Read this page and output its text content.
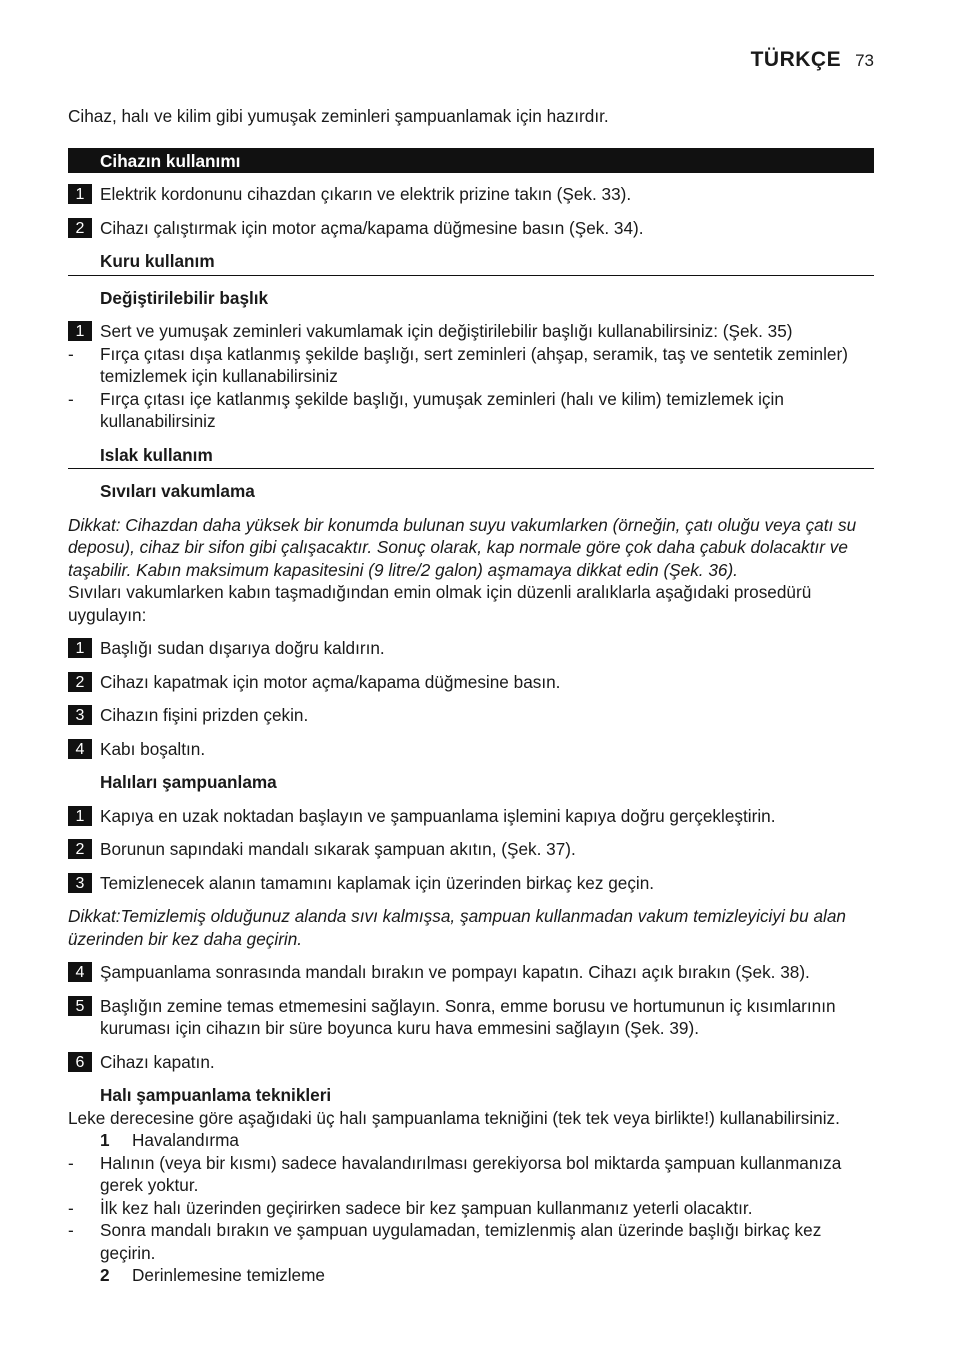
TÜRKÇE 73

Cihaz, halı ve kilim gibi yumuşak zeminleri şampuanlamak için hazırdır.

Cihazın kullanımı
1 Elektrik kordonunu cihazdan çıkarın ve elektrik prizine takın (Şek. 33).
2 Cihazı çalıştırmak için motor açma/kapama düğmesine basın (Şek. 34).
Kuru kullanım
Değiştirilebilir başlık
1 Sert ve yumuşak zeminleri vakumlamak için değiştirilebilir başlığı kullanabilirsiniz: (Şek. 35)
-	Fırça çıtası dışa katlanmış şekilde başlığı, sert zeminleri (ahşap, seramik, taş ve sentetik zeminler) temizlemek için kullanabilirsiniz
-	Fırça çıtası içe katlanmış şekilde başlığı, yumuşak zeminleri (halı ve kilim) temizlemek için kullanabilirsiniz
Islak kullanım
Sıvıları vakumlama

Dikkat: Cihazdan daha yüksek bir konumda bulunan suyu vakumlarken (örneğin, çatı oluğu veya çatı su deposu), cihaz bir sifon gibi çalışacaktır. Sonuç olarak, kap normale göre çok daha çabuk dolacaktır ve taşabilir. Kabın maksimum kapasitesini (9 litre/2 galon) aşmamaya dikkat edin (Şek. 36).

Sıvıları vakumlarken kabın taşmadığından emin olmak için düzenli aralıklarla aşağıdaki prosedürü uygulayın:

1 Başlığı sudan dışarıya doğru kaldırın.
2 Cihazı kapatmak için motor açma/kapama düğmesine basın.
3 Cihazın fişini prizden çekin.
4 Kabı boşaltın.
Halıları şampuanlama
1 Kapıya en uzak noktadan başlayın ve şampuanlama işlemini kapıya doğru gerçekleştirin.
2 Borunun sapındaki mandalı sıkarak şampuan akıtın, (Şek. 37).
3 Temizlenecek alanın tamamını kaplamak için üzerinden birkaç kez geçin.

Dikkat:Temizlemiş olduğunuz alanda sıvı kalmışsa, şampuan kullanmadan vakum temizleyiciyi bu alan üzerinden bir kez daha geçirin.

4 Şampuanlama sonrasında mandalı bırakın ve pompayı kapatın. Cihazı açık bırakın (Şek. 38).
5 Başlığın zemine temas etmemesini sağlayın. Sonra, emme borusu ve hortumunun iç kısımlarının kuruması için cihazın bir süre boyunca kuru hava emmesini sağlayın (Şek. 39).
6 Cihazı kapatın.
Halı şampuanlama teknikleri

Leke derecesine göre aşağıdaki üç halı şampuanlama tekniğini (tek tek veya birlikte!) kullanabilirsiniz.

1	Havalandırma
-	Halının (veya bir kısmı) sadece havalandırılması gerekiyorsa bol miktarda şampuan kullanmanıza gerek yoktur.
-	İlk kez halı üzerinden geçirirken sadece bir kez şampuan kullanmanız yeterli olacaktır.
-	Sonra mandalı bırakın ve şampuan uygulamadan, temizlenmiş alan üzerinde başlığı birkaç kez geçirin.
2	Derinlemesine temizleme
